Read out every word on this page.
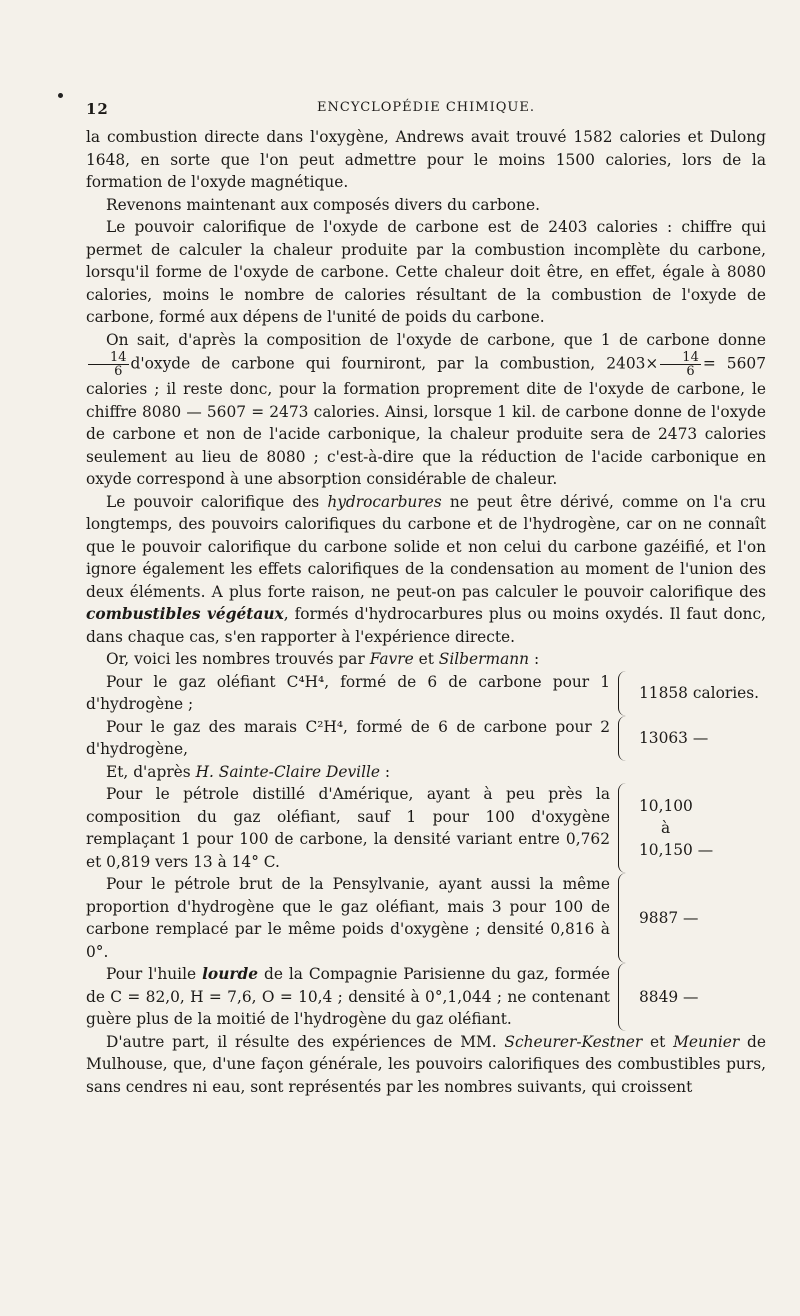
12	ENCYCLOPÉDIE CHIMIQUE.

la combustion directe dans l'oxygène, Andrews avait trouvé 1582 calories et Dulong 1648, en sorte que l'on peut admettre pour le moins 1500 calories, lors de la formation de l'oxyde magnétique.

Revenons maintenant aux composés divers du carbone.

Le pouvoir calorifique de l'oxyde de carbone est de 2403 calories : chiffre qui permet de calculer la chaleur produite par la combustion incomplète du carbone, lorsqu'il forme de l'oxyde de carbone. Cette chaleur doit être, en effet, égale à 8080 calories, moins le nombre de calories résultant de la combustion de l'oxyde de carbone, formé aux dépens de l'unité de poids du carbone.

On sait, d'après la composition de l'oxyde de carbone, que 1 de carbone donne
$\frac{14}{6}$ d'oxyde de carbone qui fourniront, par la combustion, $2403\times \frac{14}{6} = 5607$ calories ; il reste donc, pour la formation proprement dite de l'oxyde de carbone, le chiffre 8080 — 5607 = 2473 calories. Ainsi, lorsque 1 kil. de carbone donne de l'oxyde de carbone et non de l'acide carbonique, la chaleur produite sera de 2473 calories seulement au lieu de 8080 ; c'est-à-dire que la réduction de l'acide carbonique en oxyde correspond à une absorption considérable de chaleur.

Le pouvoir calorifique des hydrocarbures ne peut être dérivé, comme on l'a cru longtemps, des pouvoirs calorifiques du carbone et de l'hydrogène, car on ne connaît que le pouvoir calorifique du carbone solide et non celui du carbone gazéifié, et l'on ignore également les effets calorifiques de la condensation au moment de l'union des deux éléments. A plus forte raison, ne peut-on pas calculer le pouvoir calorifique des combustibles végétaux, formés d'hydrocarbures plus ou moins oxydés. Il faut donc, dans chaque cas, s'en rapporter à l'expérience directe.

Or, voici les nombres trouvés par Favre et Silbermann :

Pour le gaz oléfiant C⁴H⁴, formé de 6 de carbone pour 1 d'hydrogène ;

11858 calories.

Pour le gaz des marais C²H⁴, formé de 6 de carbone pour 2 d'hydrogène,

13063 —

Et, d'après H. Sainte-Claire Deville :

Pour le pétrole distillé d'Amérique, ayant à peu près la composition du gaz oléfiant, sauf 1 pour 100 d'oxygène remplaçant 1 pour 100 de carbone, la densité variant entre 0,762 et 0,819 vers 13 à 14° C.

10,100
à
10,150 —

Pour le pétrole brut de la Pensylvanie, ayant aussi la même proportion d'hydrogène que le gaz oléfiant, mais 3 pour 100 de carbone remplacé par le même poids d'oxygène ; densité 0,816 à 0°.

9887 —

Pour l'huile lourde de la Compagnie Parisienne du gaz, formée de C = 82,0, H = 7,6, O = 10,4 ; densité à 0°,1,044 ; ne contenant guère plus de la moitié de l'hydrogène du gaz oléfiant.

8849 —

D'autre part, il résulte des expériences de MM. Scheurer-Kestner et Meunier de Mulhouse, que, d'une façon générale, les pouvoirs calorifiques des combustibles purs, sans cendres ni eau, sont représentés par les nombres suivants, qui croissent
